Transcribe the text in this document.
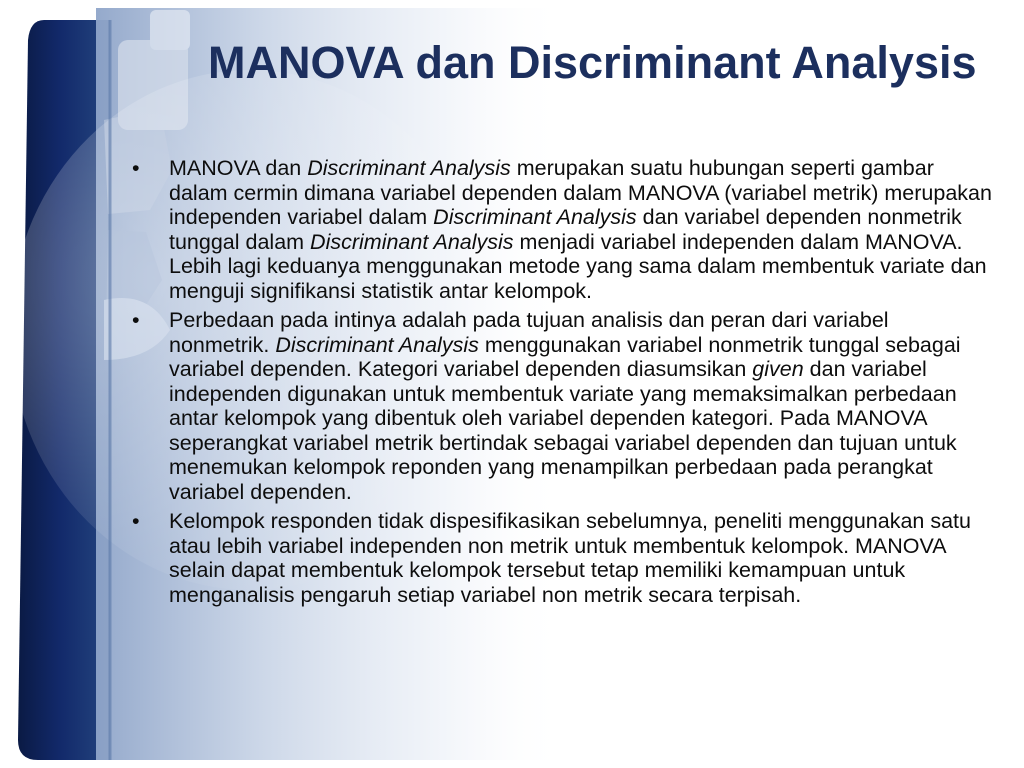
MANOVA dan Discriminant Analysis
• MANOVA dan Discriminant Analysis merupakan suatu hubungan seperti gambar dalam cermin dimana variabel dependen dalam MANOVA (variabel metrik) merupakan independen variabel dalam Discriminant Analysis dan variabel dependen nonmetrik tunggal dalam Discriminant Analysis menjadi variabel independen dalam MANOVA. Lebih lagi keduanya menggunakan metode yang sama dalam membentuk variate dan menguji signifikansi statistik antar kelompok.
• Perbedaan pada intinya adalah pada tujuan analisis dan peran dari variabel nonmetrik. Discriminant Analysis menggunakan variabel nonmetrik tunggal sebagai variabel dependen. Kategori variabel dependen diasumsikan given dan variabel independen digunakan untuk membentuk variate yang memaksimalkan perbedaan antar kelompok yang dibentuk oleh variabel dependen kategori. Pada MANOVA seperangkat variabel metrik bertindak sebagai variabel dependen dan tujuan untuk menemukan kelompok reponden yang menampilkan perbedaan pada perangkat variabel dependen.
• Kelompok responden tidak dispesifikasikan sebelumnya, peneliti menggunakan satu atau lebih variabel independen non metrik untuk membentuk kelompok. MANOVA selain dapat membentuk kelompok tersebut tetap memiliki kemampuan untuk menganalisis pengaruh setiap variabel non metrik secara terpisah.
